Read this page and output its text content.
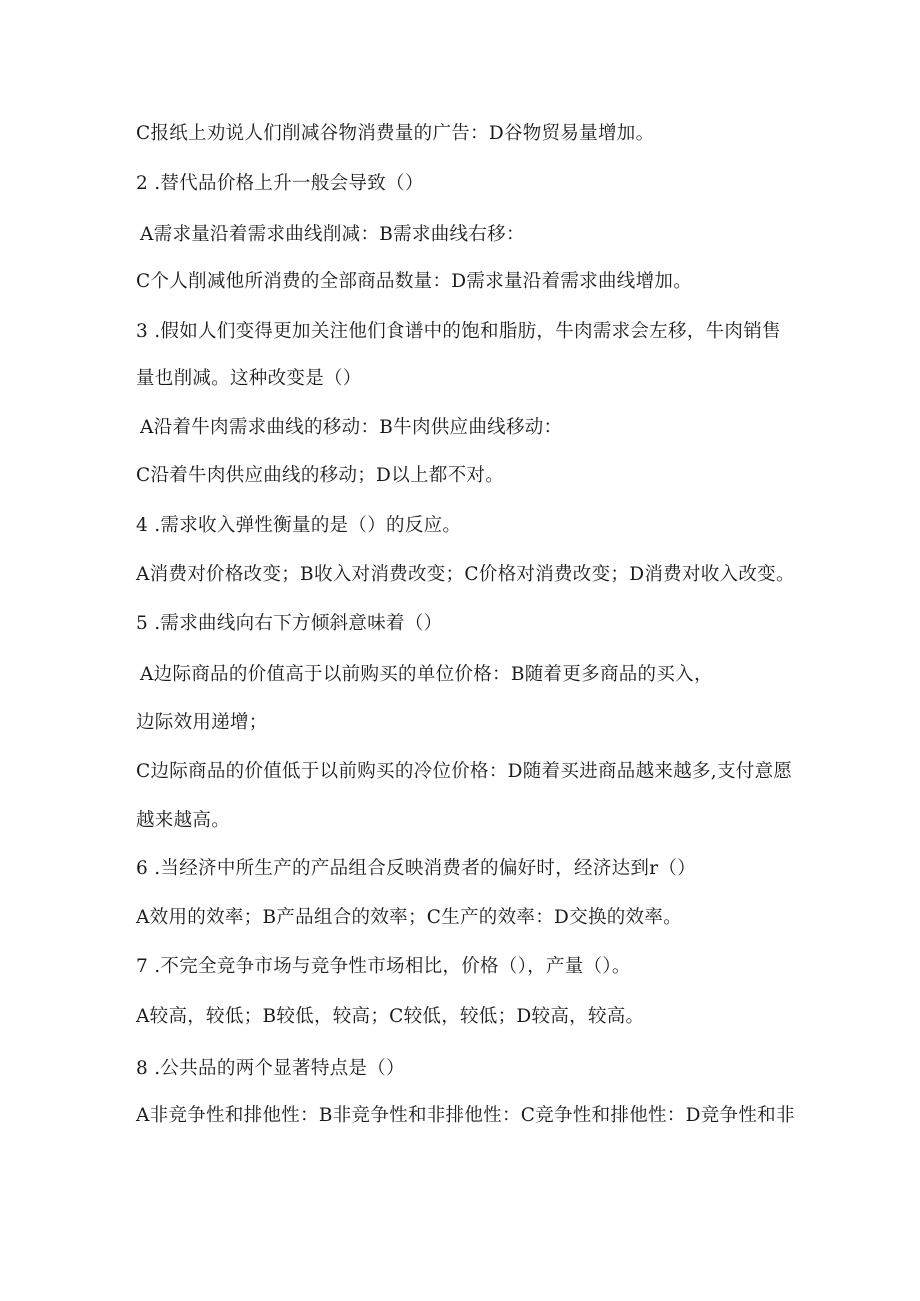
C报纸上劝说人们削减谷物消费量的广告：D谷物贸易量增加。
2 .替代品价格上升一般会导致（）
A需求量沿着需求曲线削减：B需求曲线右移：
C个人削减他所消费的全部商品数量：D需求量沿着需求曲线增加。
3 .假如人们变得更加关注他们食谱中的饱和脂肪，牛肉需求会左移，牛肉销售
量也削减。这种改变是（）
A沿着牛肉需求曲线的移动：B牛肉供应曲线移动：
C沿着牛肉供应曲线的移动；D以上都不对。
4 .需求收入弹性衡量的是（）的反应。
A消费对价格改变；B收入对消费改变；C价格对消费改变；D消费对收入改变。
5 .需求曲线向右下方倾斜意味着（）
A边际商品的价值高于以前购买的单位价格：B随着更多商品的买入，
边际效用递增；
C边际商品的价值低于以前购买的冷位价格：D随着买进商品越来越多,支付意愿
越来越高。
6 .当经济中所生产的产品组合反映消费者的偏好时，经济达到r（）
A效用的效率；B产品组合的效率；C生产的效率：D交换的效率。
7 .不完全竞争市场与竞争性市场相比，价格（），产量（）。
A较高，较低；B较低，较高；C较低，较低；D较高，较高。
8 .公共品的两个显著特点是（）
A非竞争性和排他性：B非竞争性和非排他性：C竞争性和排他性：D竞争性和非
